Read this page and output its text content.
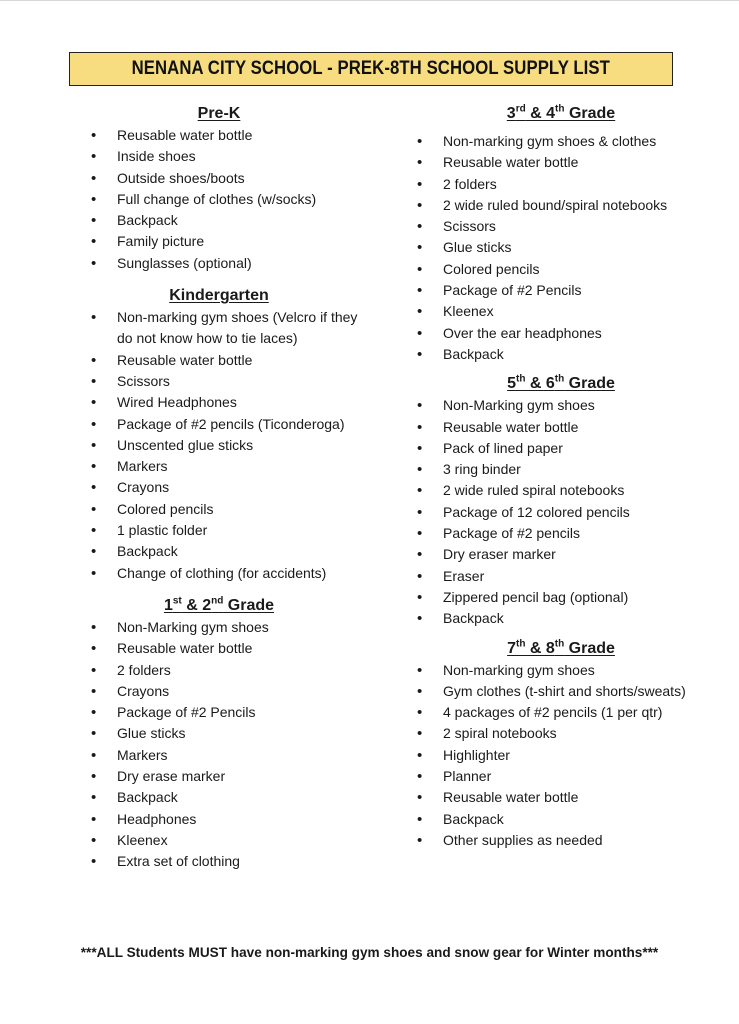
NENANA CITY SCHOOL - PREK-8TH SCHOOL SUPPLY LIST
Pre-K
• Reusable water bottle
• Inside shoes
• Outside shoes/boots
• Full change of clothes (w/socks)
• Backpack
• Family picture
• Sunglasses (optional)
Kindergarten
• Non-marking gym shoes (Velcro if they do not know how to tie laces)
• Reusable water bottle
• Scissors
• Wired Headphones
• Package of #2 pencils (Ticonderoga)
• Unscented glue sticks
• Markers
• Crayons
• Colored pencils
• 1 plastic folder
• Backpack
• Change of clothing (for accidents)
1st & 2nd Grade
• Non-Marking gym shoes
• Reusable water bottle
• 2 folders
• Crayons
• Package of #2 Pencils
• Glue sticks
• Markers
• Dry erase marker
• Backpack
• Headphones
• Kleenex
• Extra set of clothing
3rd & 4th Grade
• Non-marking gym shoes & clothes
• Reusable water bottle
• 2 folders
• 2 wide ruled bound/spiral notebooks
• Scissors
• Glue sticks
• Colored pencils
• Package of #2 Pencils
• Kleenex
• Over the ear headphones
• Backpack
5th & 6th Grade
• Non-Marking gym shoes
• Reusable water bottle
• Pack of lined paper
• 3 ring binder
• 2 wide ruled spiral notebooks
• Package of 12 colored pencils
• Package of #2 pencils
• Dry eraser marker
• Eraser
• Zippered pencil bag (optional)
• Backpack
7th & 8th Grade
• Non-marking gym shoes
• Gym clothes (t-shirt and shorts/sweats)
• 4 packages of #2 pencils (1 per qtr)
• 2 spiral notebooks
• Highlighter
• Planner
• Reusable water bottle
• Backpack
• Other supplies as needed
***ALL Students MUST have non-marking gym shoes and snow gear for Winter months***
